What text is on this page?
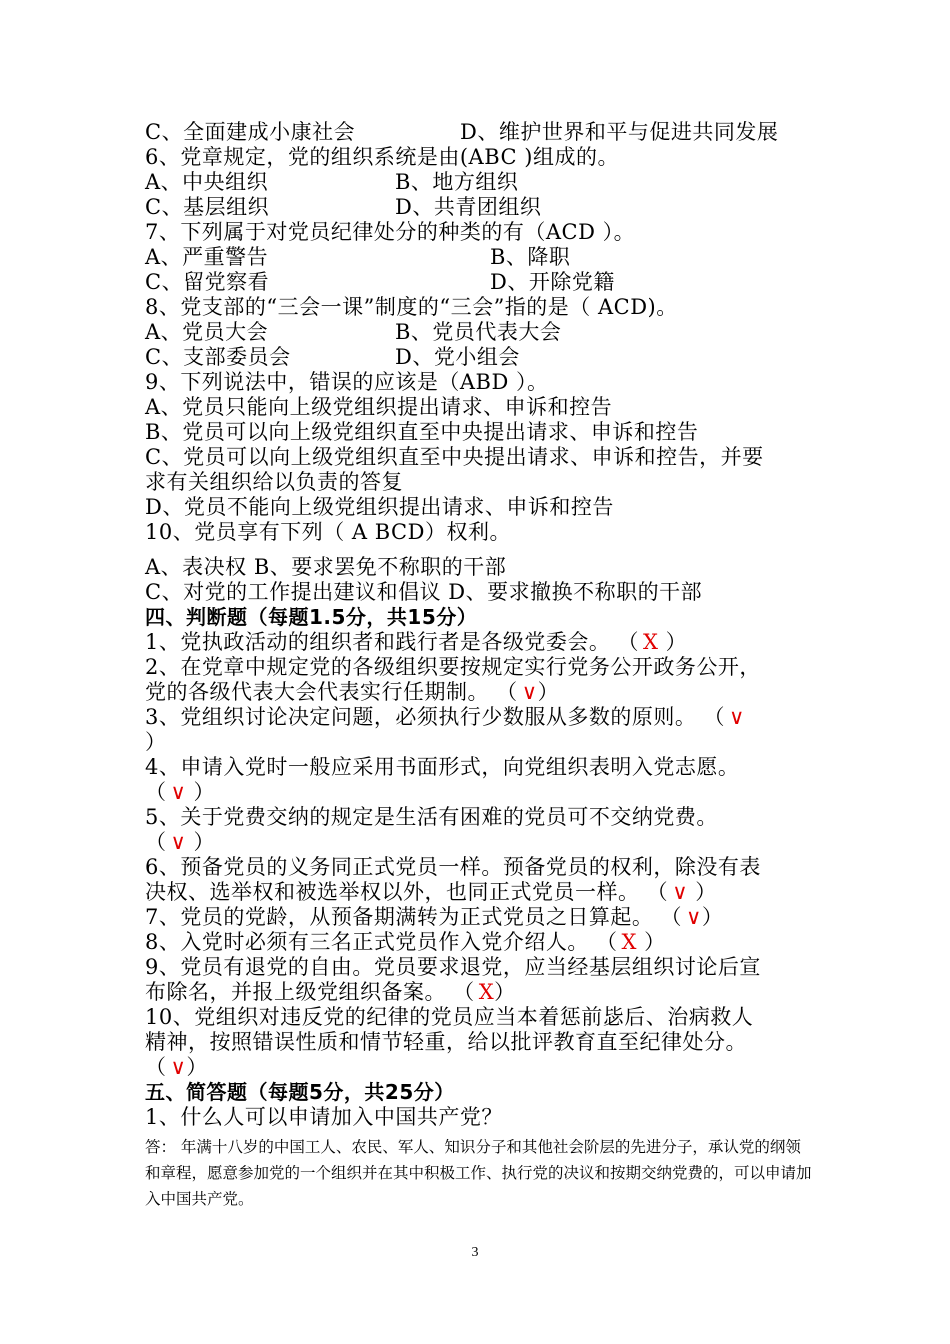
C、全面建成小康社会	D、维护世界和平与促进共同发展
6、党章规定，党的组织系统是由(ABC )组成的。
A、中央组织	B、地方组织
C、基层组织	D、共青团组织
7、下列属于对党员纪律处分的种类的有（ACD ）。
A、严重警告	B、降职
C、留党察看	D、开除党籍
8、党支部的“三会一课”制度的“三会”指的是（ ACD)。
A、党员大会	B、党员代表大会
C、支部委员会	D、党小组会
9、下列说法中，错误的应该是（ABD ）。
A、党员只能向上级党组织提出请求、申诉和控告
B、党员可以向上级党组织直至中央提出请求、申诉和控告
C、党员可以向上级党组织直至中央提出请求、申诉和控告，并要
求有关组织给以负责的答复
D、党员不能向上级党组织提出请求、申诉和控告
10、党员享有下列（ A BCD）权利。
A、表决权 B、要求罢免不称职的干部
C、对党的工作提出建议和倡议 D、要求撤换不称职的干部
四、判断题（每题1.5分，共15分）
1、党执政活动的组织者和践行者是各级党委会。 （ X ）
2、在党章中规定党的各级组织要按规定实行党务公开政务公开，
党的各级代表大会代表实行任期制。 （ ∨）
3、党组织讨论决定问题，必须执行少数服从多数的原则。 （ ∨
）
4、申请入党时一般应采用书面形式，向党组织表明入党志愿。
（ ∨ ）
5、关于党费交纳的规定是生活有困难的党员可不交纳党费。
（ ∨ ）
6、预备党员的义务同正式党员一样。预备党员的权利，除没有表
决权、选举权和被选举权以外，也同正式党员一样。 （ ∨ ）
7、党员的党龄，从预备期满转为正式党员之日算起。 （ ∨）
8、入党时必须有三名正式党员作入党介绍人。 （ X ）
9、党员有退党的自由。党员要求退党，应当经基层组织讨论后宣
布除名，并报上级党组织备案。 （ X）
10、党组织对违反党的纪律的党员应当本着惩前毖后、治病救人
精神，按照错误性质和情节轻重，给以批评教育直至纪律处分。
（ ∨）
五、简答题（每题5分，共25分）
1、什么人可以申请加入中国共产党？
答： 年满十八岁的中国工人、农民、军人、知识分子和其他社会阶层的先进分子，承认党的纲领和章程，愿意参加党的一个组织并在其中积极工作、执行党的决议和按期交纳党费的，可以申请加入中国共产党。
3
